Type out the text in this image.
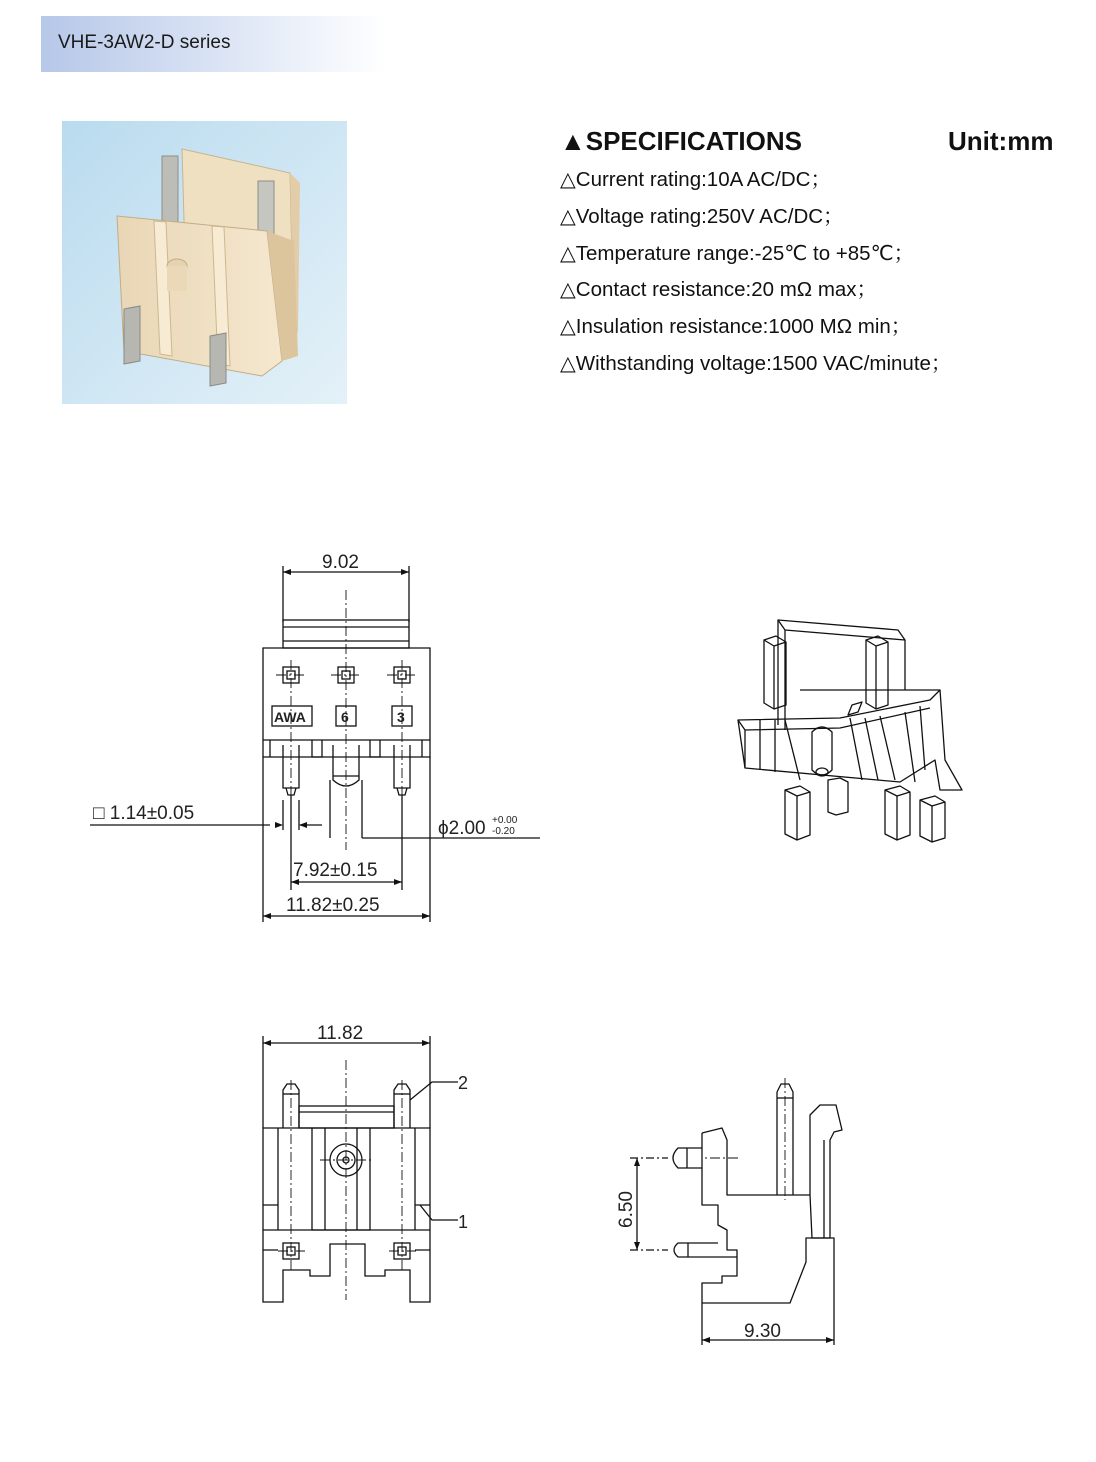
VHE-3AW2-D series
▲SPECIFICATIONS	Unit:mm
△Current rating:10A AC/DC；
△Voltage rating:250V AC/DC；
△Temperature range:-25℃ to +85℃；
△Contact resistance:20 mΩ max；
△Insulation resistance:1000 MΩ min；
△Withstanding voltage:1500 VAC/minute；
9.02
□ 1.14±0.05
ϕ2.00 +0.00
-0.20
7.92±0.15
11.82±0.25
AWA	6	3
11.82
2
1	6.50
9.30
